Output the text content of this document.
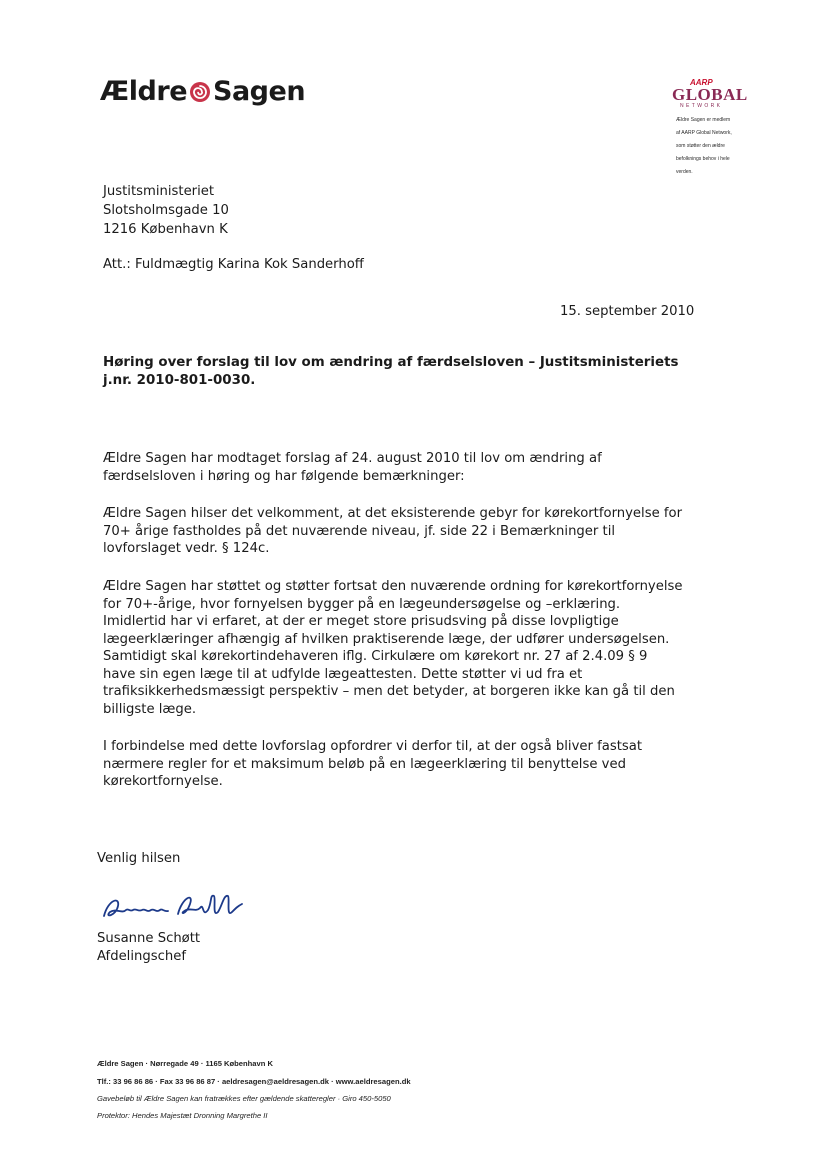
Ældre Sagen	AARP
GLOBAL
NETWORK
Ældre Sagen er medlem
af AARP Global Network,
som støtter den ældre
befolknings behov i hele
verden.
Justitsministeriet
Slotsholmsgade 10
1216 København K
Att.: Fuldmægtig Karina Kok Sanderhoff
15. september 2010
Høring over forslag til lov om ændring af færdselsloven – Justitsministeriets
j.nr. 2010-801-0030.
Ældre Sagen har modtaget forslag af 24. august 2010 til lov om ændring af
færdselsloven i høring og har følgende bemærkninger:
Ældre Sagen hilser det velkomment, at det eksisterende gebyr for kørekortfornyelse for
70+ årige fastholdes på det nuværende niveau, jf. side 22 i Bemærkninger til
lovforslaget vedr. § 124c.
Ældre Sagen har støttet og støtter fortsat den nuværende ordning for kørekortfornyelse
for 70+-årige, hvor fornyelsen bygger på en lægeundersøgelse og –erklæring.
Imidlertid har vi erfaret, at der er meget store prisudsving på disse lovpligtige
lægeerklæringer afhængig af hvilken praktiserende læge, der udfører undersøgelsen.
Samtidigt skal kørekortindehaveren iflg. Cirkulære om kørekort nr. 27 af 2.4.09 § 9
have sin egen læge til at udfylde lægeattesten. Dette støtter vi ud fra et
trafiksikkerhedsmæssigt perspektiv – men det betyder, at borgeren ikke kan gå til den
billigste læge.
I forbindelse med dette lovforslag opfordrer vi derfor til, at der også bliver fastsat
nærmere regler for et maksimum beløb på en lægeerklæring til benyttelse ved
kørekortfornyelse.
Venlig hilsen
Susanne Schøtt
Afdelingschef
Ældre Sagen · Nørregade 49 · 1165 København K
Tlf.: 33 96 86 86 · Fax 33 96 86 87 · aeldresagen@aeldresagen.dk · www.aeldresagen.dk
Gavebeløb til Ældre Sagen kan fratrækkes efter gældende skatteregler · Giro 450-5050
Protektor: Hendes Majestæt Dronning Margrethe II
